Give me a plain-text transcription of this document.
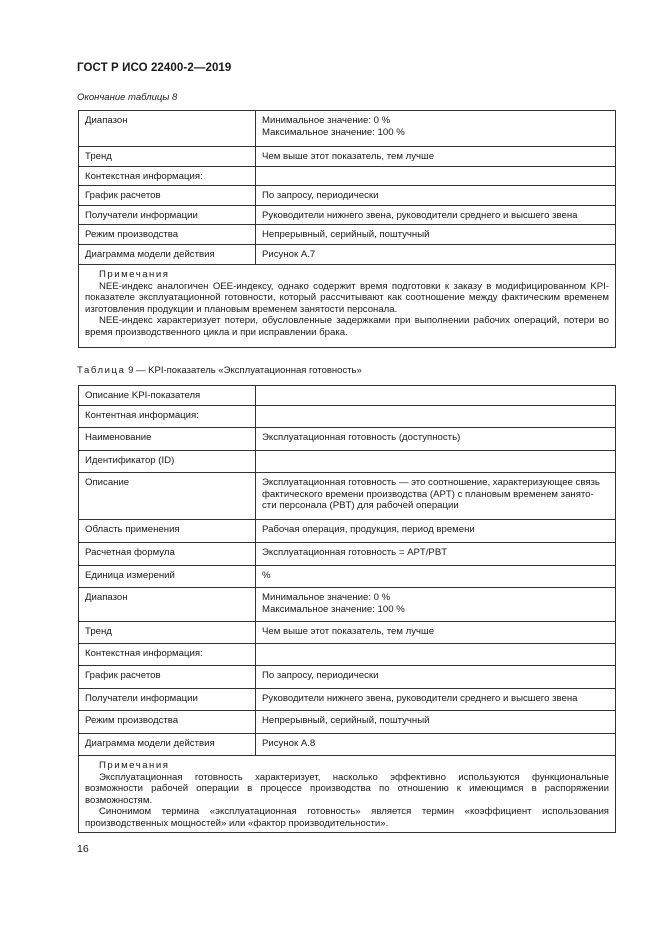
ГОСТ Р ИСО 22400-2—2019
Окончание таблицы 8
Диапазон	Минимальное значение: 0 %
Максимальное значение: 100 %

Тренд	Чем выше этот показатель, тем лучше

Контекстная информация:	

График расчетов	По запросу, периодически

Получатели информации	Руководители нижнего звена, руководители среднего и высшего звена

Режим производства	Непрерывный, серийный, поштучный

Диаграмма модели действия	Рисунок А.7

Примечания
NEE-индекс аналогичен OEE-индексу, однако содержит время подготовки к заказу в модифицированном KPI-показателе эксплуатационной готовности, который рассчитывают как соотношение между фактическим временем изготовления продукции и плановым временем занятости персонала.
NEE-индекс характеризует потери, обусловленные задержками при выполнении рабочих операций, потери во время производственного цикла и при исправлении брака.	
Таблица 9 — KPI-показатель «Эксплуатационная готовность»
Описание KPI-показателя	

Контентная информация:	

Наименование	Эксплуатационная готовность (доступность)

Идентификатор (ID)	

Описание	Эксплуатационная готовность — это соотношение, характеризующее связь
фактического времени производства (APT) с плановым временем занято-
сти персонала (PBT) для рабочей операции

Область применения	Рабочая операция, продукция, период времени

Расчетная формула	Эксплуатационная готовность = APT/PBT

Единица измерений	%

Диапазон	Минимальное значение: 0 %
Максимальное значение: 100 %

Тренд	Чем выше этот показатель, тем лучше

Контекстная информация:	

График расчетов	По запросу, периодически

Получатели информации	Руководители нижнего звена, руководители среднего и высшего звена

Режим производства	Непрерывный, серийный, поштучный

Диаграмма модели действия	Рисунок А.8

Примечания
Эксплуатационная готовность характеризует, насколько эффективно используются функциональные возможности рабочей операции в процессе производства по отношению к имеющимся в распоряжении возможностям.
Синонимом термина «эксплуатационная готовность» является термин «коэффициент использования производственных мощностей» или «фактор производительности».	
16
